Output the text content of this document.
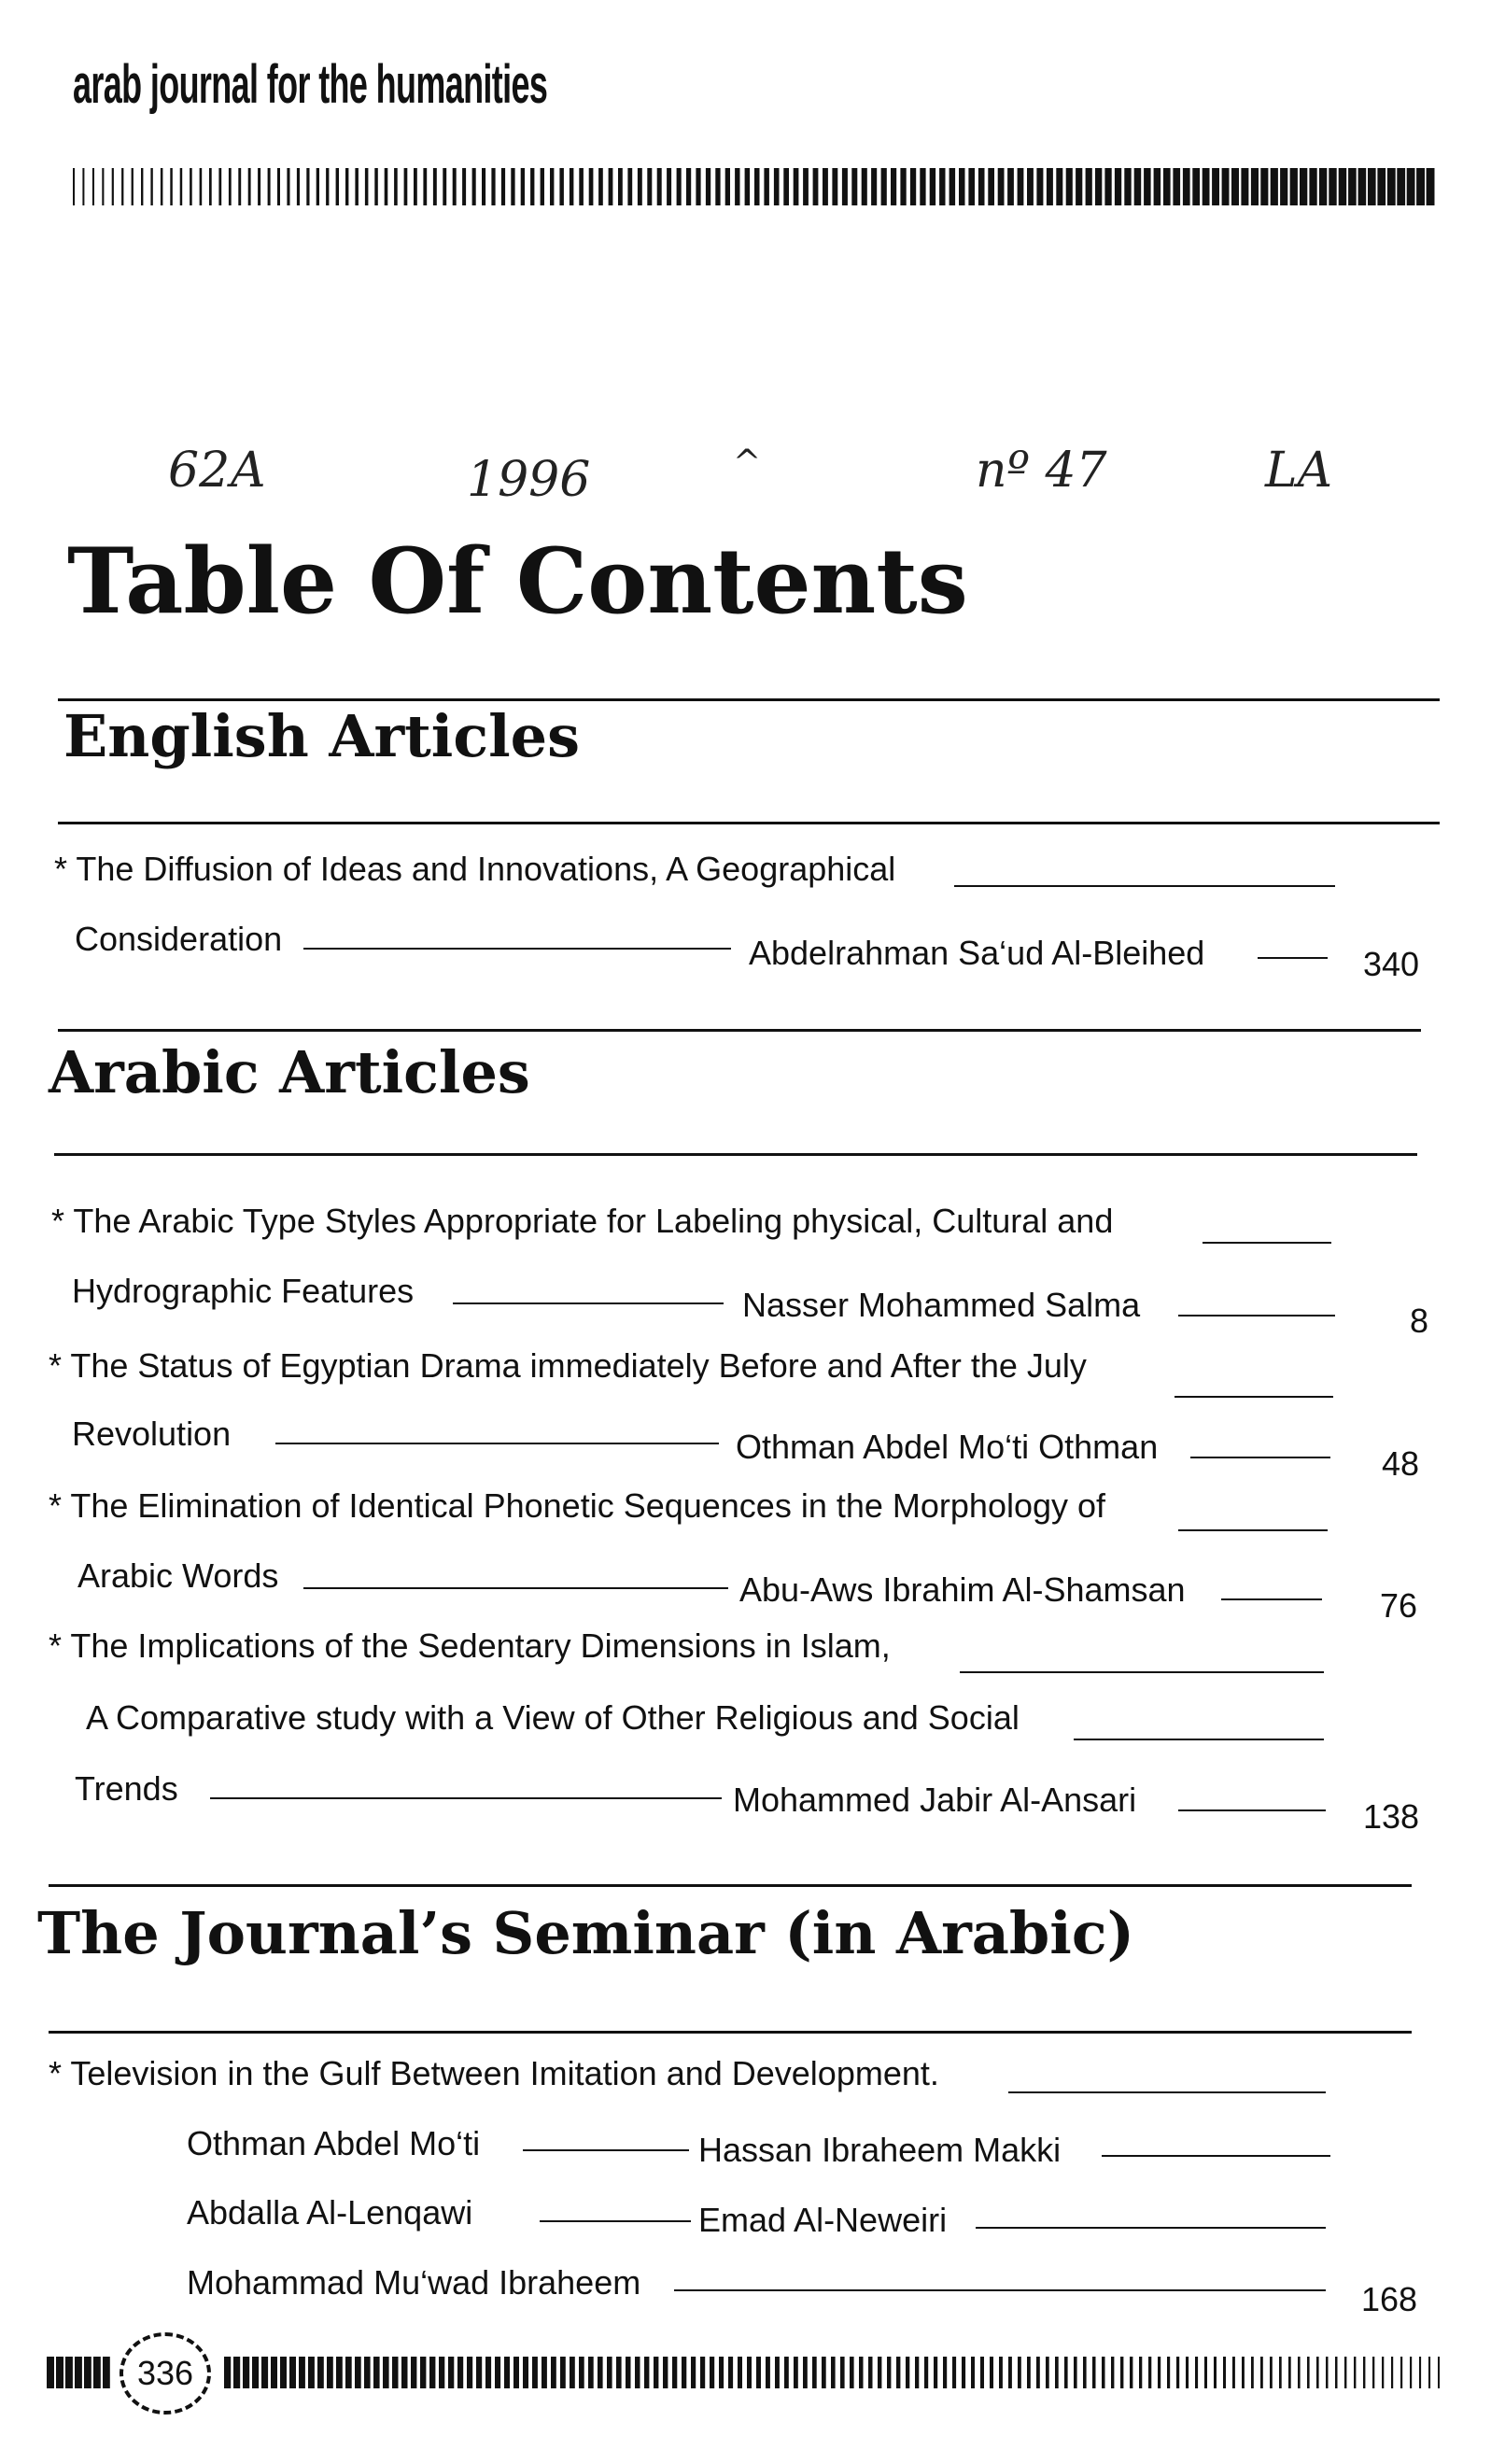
arab journal for the humanities
62А	1996	^	nº 47	LA
Table Of Contents
English Articles
* The Diffusion of Ideas and Innovations, A Geographical
Consideration	Abdelrahman Sa‘ud Al-Bleihed	340
Arabic Articles
* The Arabic Type Styles Appropriate for Labeling physical, Cultural and
Hydrographic Features	Nasser Mohammed Salma	8
* The Status of Egyptian Drama immediately Before and After the July
Revolution	Othman Abdel Mo‘ti Othman	48
* The Elimination of Identical Phonetic Sequences in the Morphology of
Arabic Words	Abu-Aws Ibrahim Al-Shamsan	76
* The Implications of the Sedentary Dimensions in Islam,
A Comparative study with a View of Other Religious and Social
Trends	Mohammed Jabir Al-Ansari	138
The Journal’s Seminar (in Arabic)
* Television in the Gulf Between Imitation and Development.
Othman Abdel Mo‘ti	Hassan Ibraheem Makki
Abdalla Al-Lenqawi	Emad Al-Neweiri
Mohammad Mu‘wad Ibraheem	168
336
